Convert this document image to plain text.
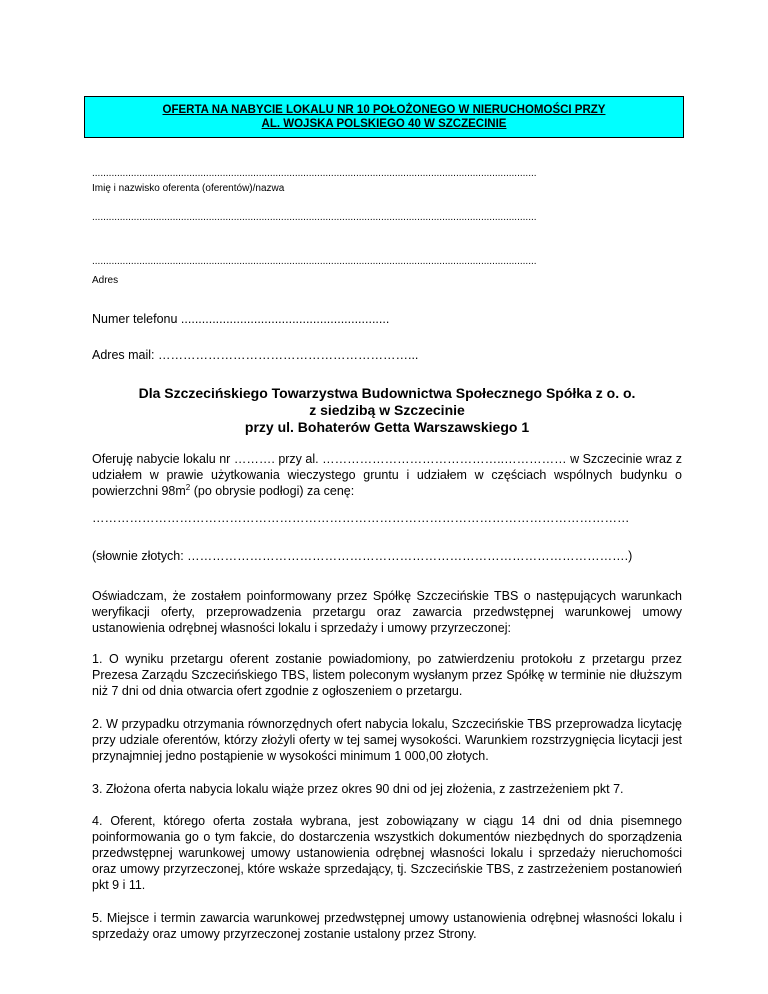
OFERTA NA NABYCIE LOKALU NR 10 POŁOŻONEGO W NIERUCHOMOŚCI PRZY
AL. WOJSKA POLSKIEGO 40 W SZCZECINIE
................................................................................................................................................................
Imię i nazwisko oferenta (oferentów)/nazwa
................................................................................................................................................................
................................................................................................................................................................
Adres
Numer telefonu ............................................................
Adres mail: ……………………………………………………...
Dla Szczecińskiego Towarzystwa Budownictwa Społecznego Spółka z o. o.
z siedzibą w Szczecinie
przy ul. Bohaterów Getta Warszawskiego 1
Oferuję nabycie lokalu nr ………. przy al. ……………………………………..…………… w Szczecinie wraz z udziałem w prawie użytkowania wieczystego gruntu i udziałem w częściach wspólnych budynku o powierzchni $98m^2$ (po obrysie podłogi) za cenę:
…………………………………………………………………………………………………………………
(słownie złotych: …………………………………………………………………………………………….)
Oświadczam, że zostałem poinformowany przez Spółkę Szczecińskie TBS o następujących warunkach weryfikacji oferty, przeprowadzenia przetargu oraz zawarcia przedwstępnej warunkowej umowy ustanowienia odrębnej własności lokalu i sprzedaży i umowy przyrzeczonej:
1. O wyniku przetargu oferent zostanie powiadomiony, po zatwierdzeniu protokołu z przetargu przez Prezesa Zarządu Szczecińskiego TBS, listem poleconym wysłanym przez Spółkę w terminie nie dłuższym niż 7 dni od dnia otwarcia ofert zgodnie z ogłoszeniem o przetargu.
2. W przypadku otrzymania równorzędnych ofert nabycia lokalu, Szczecińskie TBS przeprowadza licytację przy udziale oferentów, którzy złożyli oferty w tej samej wysokości. Warunkiem rozstrzygnięcia licytacji jest przynajmniej jedno postąpienie w wysokości minimum 1 000,00 złotych.
3. Złożona oferta nabycia lokalu wiąże przez okres 90 dni od jej złożenia, z zastrzeżeniem pkt 7.
4. Oferent, którego oferta została wybrana, jest zobowiązany w ciągu 14 dni od dnia pisemnego poinformowania go o tym fakcie, do dostarczenia wszystkich dokumentów niezbędnych do sporządzenia przedwstępnej warunkowej umowy ustanowienia odrębnej własności lokalu i sprzedaży nieruchomości oraz umowy przyrzeczonej, które wskaże sprzedający, tj. Szczecińskie TBS, z zastrzeżeniem postanowień pkt 9 i 11.
5. Miejsce i termin zawarcia warunkowej przedwstępnej umowy ustanowienia odrębnej własności lokalu i sprzedaży oraz umowy przyrzeczonej zostanie ustalony przez Strony.
